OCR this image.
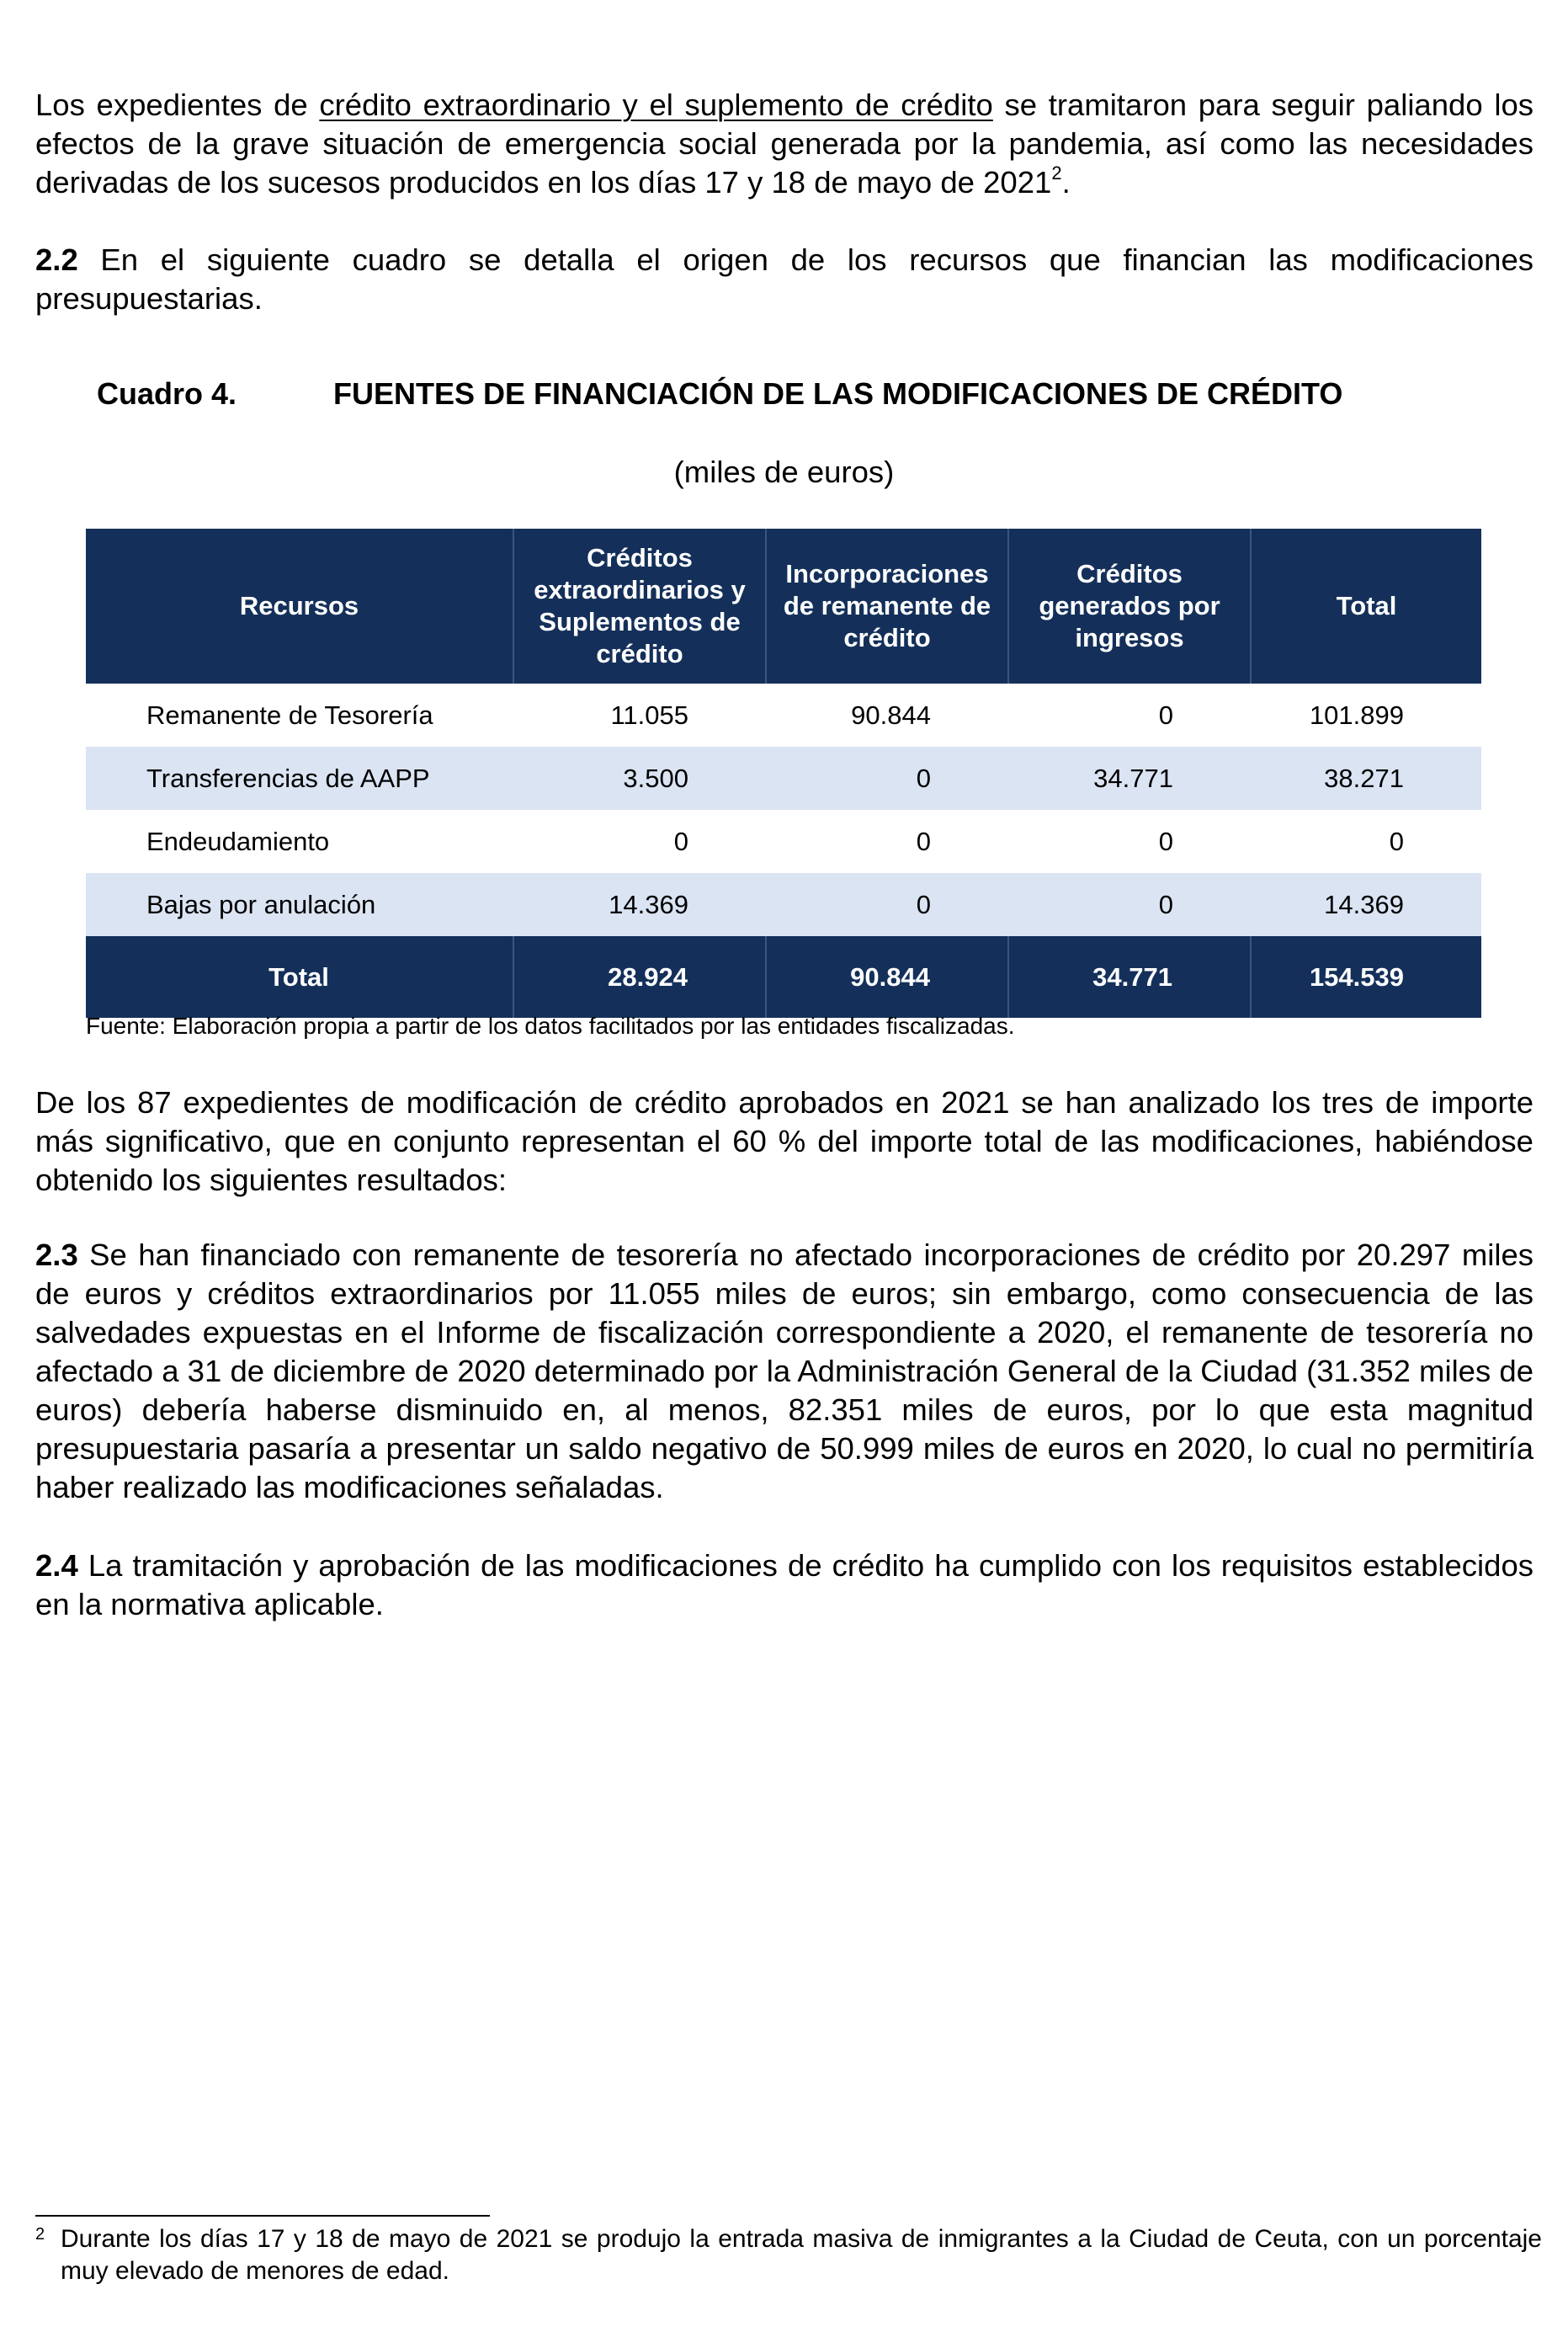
Los expedientes de crédito extraordinario y el suplemento de crédito se tramitaron para seguir paliando los efectos de la grave situación de emergencia social generada por la pandemia, así como las necesidades derivadas de los sucesos producidos en los días 17 y 18 de mayo de 2021$^2$.

2.2 En el siguiente cuadro se detalla el origen de los recursos que financian las modificaciones presupuestarias.

Cuadro 4.	FUENTES DE FINANCIACIÓN DE LAS MODIFICACIONES DE CRÉDITO
(miles de euros)
Recursos	Créditos extraordinarios y Suplementos de crédito	Incorporaciones de remanente de crédito	Créditos generados por ingresos	Total
Remanente de Tesorería	11.055	90.844	0	101.899
Transferencias de AAPP	3.500	0	34.771	38.271
Endeudamiento	0	0	0	0
Bajas por anulación	14.369	0	0	14.369
Total	28.924	90.844	34.771	154.539
Fuente: Elaboración propia a partir de los datos facilitados por las entidades fiscalizadas.

De los 87 expedientes de modificación de crédito aprobados en 2021 se han analizado los tres de importe más significativo, que en conjunto representan el 60 % del importe total de las modificaciones, habiéndose obtenido los siguientes resultados:

2.3 Se han financiado con remanente de tesorería no afectado incorporaciones de crédito por 20.297 miles de euros y créditos extraordinarios por 11.055 miles de euros; sin embargo, como consecuencia de las salvedades expuestas en el Informe de fiscalización correspondiente a 2020, el remanente de tesorería no afectado a 31 de diciembre de 2020 determinado por la Administración General de la Ciudad (31.352 miles de euros) debería haberse disminuido en, al menos, 82.351 miles de euros, por lo que esta magnitud presupuestaria pasaría a presentar un saldo negativo de 50.999 miles de euros en 2020, lo cual no permitiría haber realizado las modificaciones señaladas.

2.4 La tramitación y aprobación de las modificaciones de crédito ha cumplido con los requisitos establecidos en la normativa aplicable.

2 Durante los días 17 y 18 de mayo de 2021 se produjo la entrada masiva de inmigrantes a la Ciudad de Ceuta, con un porcentaje muy elevado de menores de edad.
